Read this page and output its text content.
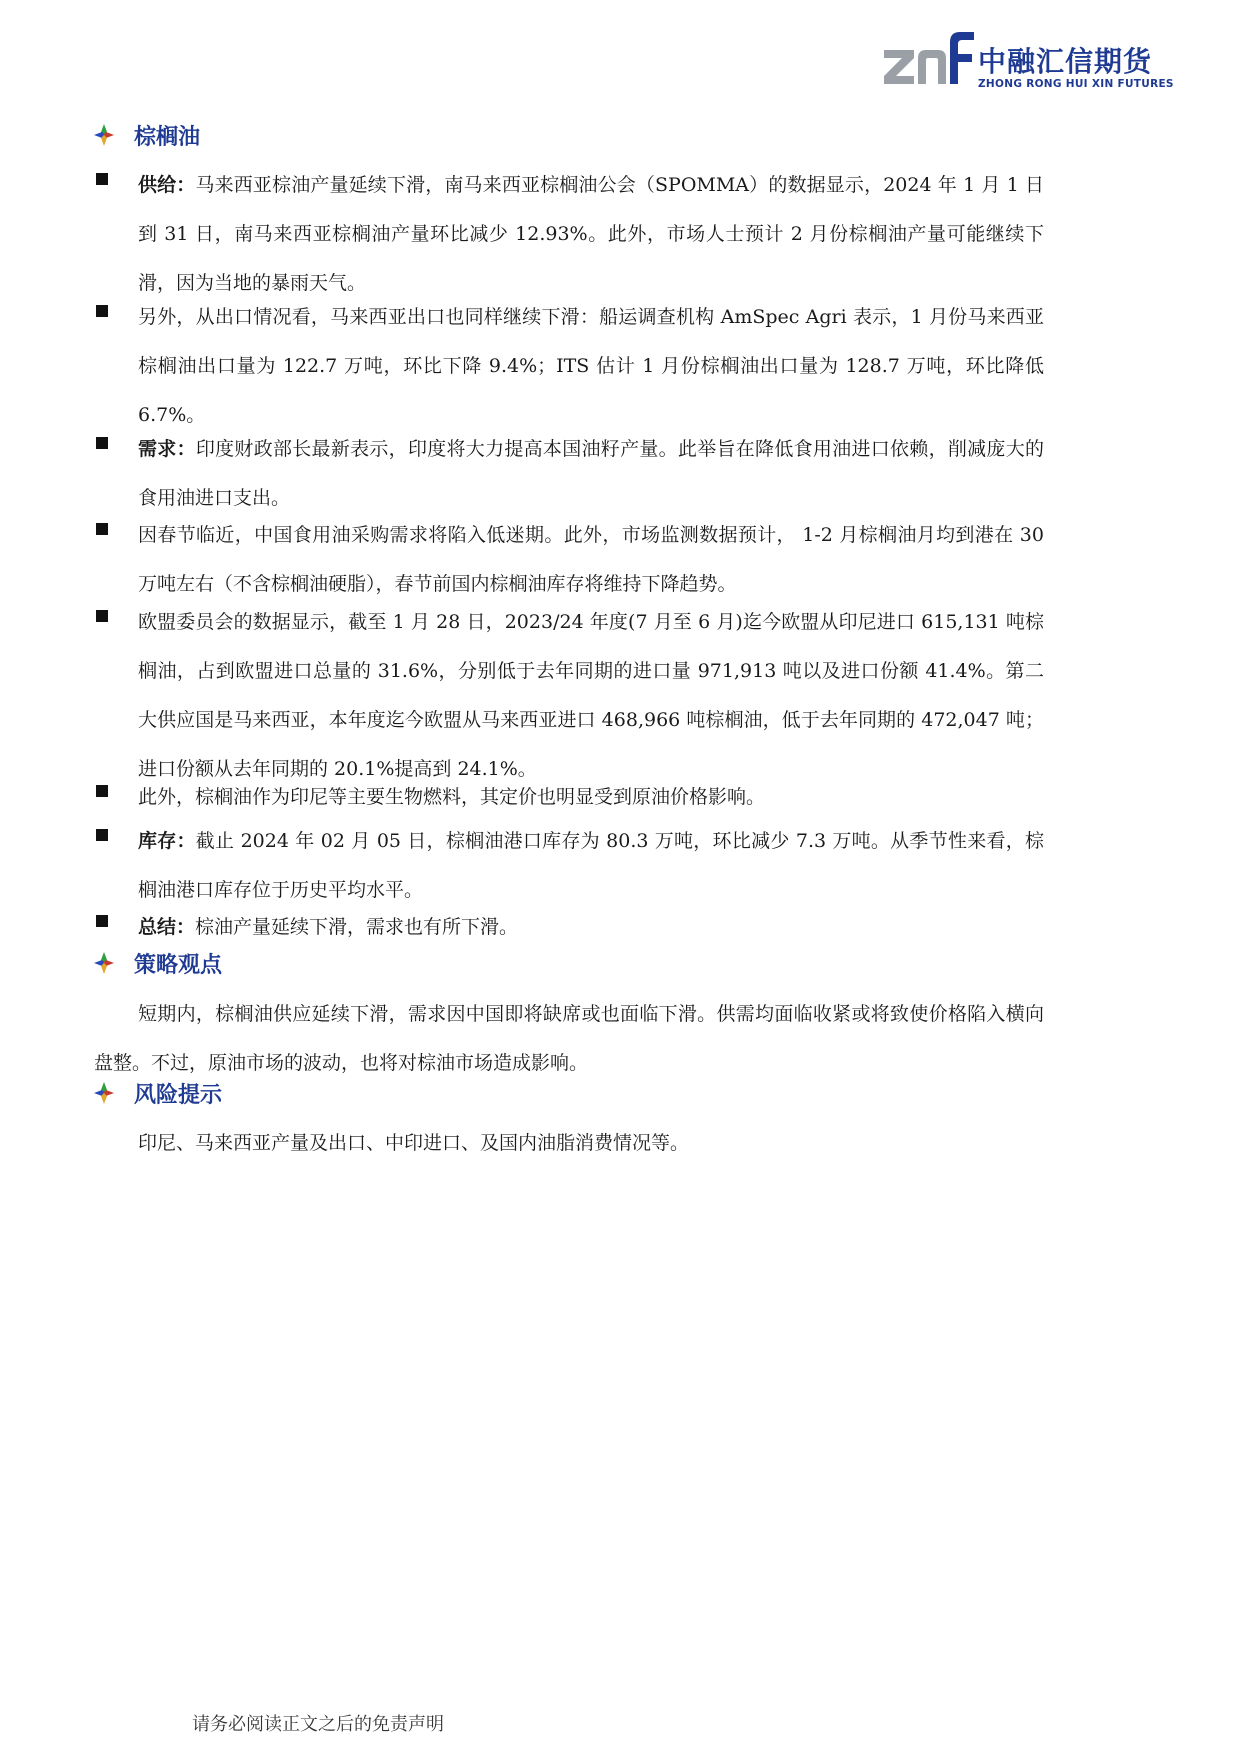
中融汇信期货
ZHONG RONG HUI XIN FUTURES
棕榈油
供给：马来西亚棕油产量延续下滑，南马来西亚棕榈油公会（SPOMMA）的数据显示，2024 年 1 月 1 日到 31 日，南马来西亚棕榈油产量环比减少 12.93%。此外，市场人士预计 2 月份棕榈油产量可能继续下滑，因为当地的暴雨天气。
另外，从出口情况看，马来西亚出口也同样继续下滑：船运调查机构 AmSpec Agri 表示，1 月份马来西亚棕榈油出口量为 122.7 万吨，环比下降 9.4%；ITS 估计 1 月份棕榈油出口量为 128.7 万吨，环比降低 6.7%。
需求：印度财政部长最新表示，印度将大力提高本国油籽产量。此举旨在降低食用油进口依赖，削减庞大的食用油进口支出。
因春节临近，中国食用油采购需求将陷入低迷期。此外，市场监测数据预计， 1-2 月棕榈油月均到港在 30 万吨左右（不含棕榈油硬脂），春节前国内棕榈油库存将维持下降趋势。
欧盟委员会的数据显示，截至 1 月 28 日，2023/24 年度(7 月至 6 月)迄今欧盟从印尼进口 615,131 吨棕榈油，占到欧盟进口总量的 31.6%，分别低于去年同期的进口量 971,913 吨以及进口份额 41.4%。第二大供应国是马来西亚，本年度迄今欧盟从马来西亚进口 468,966 吨棕榈油，低于去年同期的 472,047 吨；进口份额从去年同期的 20.1%提高到 24.1%。
此外，棕榈油作为印尼等主要生物燃料，其定价也明显受到原油价格影响。
库存：截止 2024 年 02 月 05 日，棕榈油港口库存为 80.3 万吨，环比减少 7.3 万吨。从季节性来看，棕榈油港口库存位于历史平均水平。
总结：棕油产量延续下滑，需求也有所下滑。
策略观点
短期内，棕榈油供应延续下滑，需求因中国即将缺席或也面临下滑。供需均面临收紧或将致使价格陷入横向盘整。不过，原油市场的波动，也将对棕油市场造成影响。
风险提示
印尼、马来西亚产量及出口、中印进口、及国内油脂消费情况等。
请务必阅读正文之后的免责声明
